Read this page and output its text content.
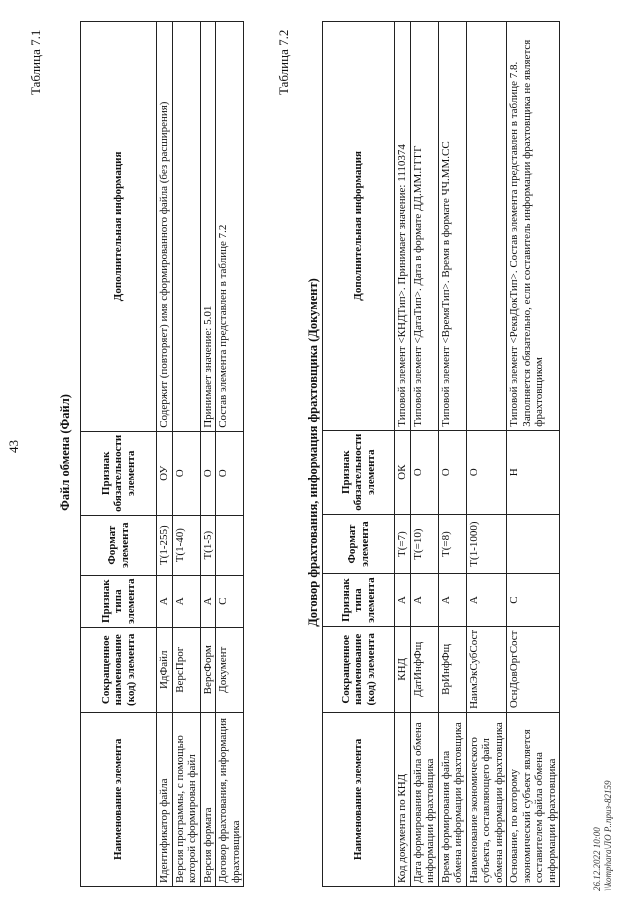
43
Таблица 7.1
Файл обмена (Файл)
Наименование элемента	Сокращенное наименование (код) элемента	Признак типа элемента	Формат элемента	Признак обязательности элемента	Дополнительная информация
Идентификатор файла	ИдФайл	А	T(1-255)	ОУ	Содержит (повторяет) имя сформированного файла (без расширения)
Версия программы, с помощью которой сформирован файл	ВерсПрог	А	T(1-40)	О	
Версия формата	ВерсФорм	А	T(1-5)	О	Принимает значение: 5.01
Договор фрахтования, информация фрахтовщика	Документ	С		О	Состав элемента представлен в таблице 7.2
Таблица 7.2
Договор фрахтования, информация фрахтовщика (Документ)
Наименование элемента	Сокращенное наименование (код) элемента	Признак типа элемента	Формат элемента	Признак обязательности элемента	Дополнительная информация
Код документа по КНД	КНД	А	T(=7)	ОК	Типовой элемент <КНДТип>. Принимает значение: 1110374
Дата формирования файла обмена информации фрахтовщика	ДатИнфФщ	А	T(=10)	О	Типовой элемент <ДатаТип>. Дата в формате ДД.ММ.ГГГГ
Время формирования файла обмена информации фрахтовщика	ВрИнфФщ	А	T(=8)	О	Типовой элемент <ВремяТип>. Время в формате ЧЧ.ММ.СС
Наименование экономического субъекта, составляющего файл обмена информации фрахтовщика	НаимЭкСубСост	А	T(1-1000)	О	
Основание, по которому экономический субъект является составителем файла обмена информации фрахтовщика	ОснДовОргСост	С		Н	Типовой элемент <РеквДокТип>. Состав элемента представлен в таблице 7.8. Заполняется обязательно, если составитель информации фрахтовщика не является фрахтовщиком
26.12.2022 10:00 \\komphara\ЛО Р..приз-82159
